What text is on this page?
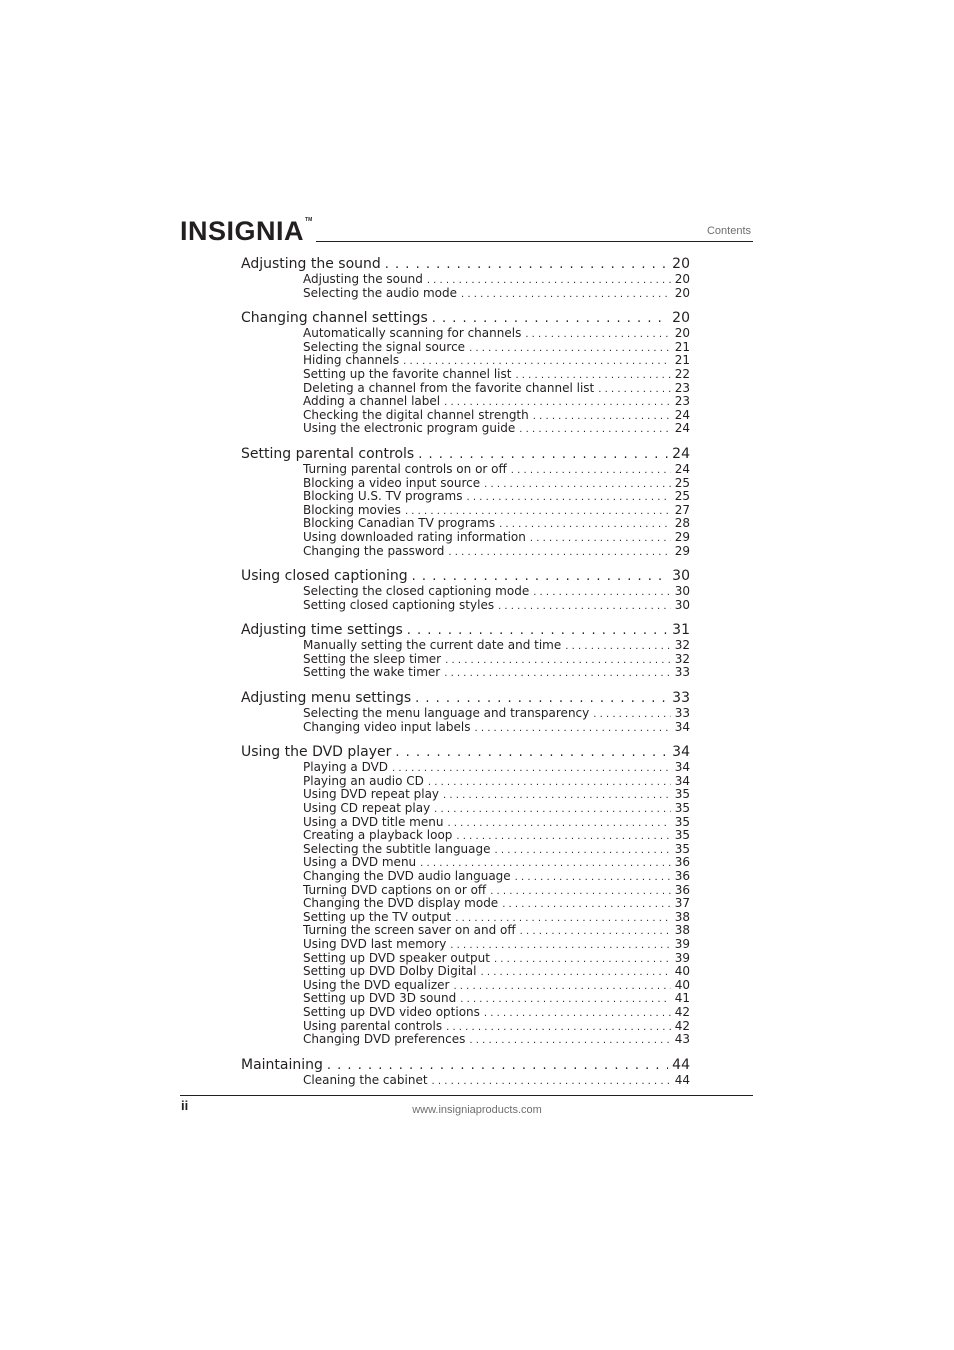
INSIGNIA™
Contents
Adjusting the sound . . .	20
Adjusting the sound . . .	20
Selecting the audio mode . . .	20
Changing channel settings . . .	20
Automatically scanning for channels . . .	20
Selecting the signal source . . .	21
Hiding channels . . .	21
Setting up the favorite channel list . . .	22
Deleting a channel from the favorite channel list . . .	23
Adding a channel label . . .	23
Checking the digital channel strength . . .	24
Using the electronic program guide . . .	24
Setting parental controls . . .	24
Turning parental controls on or off . . .	24
Blocking a video input source . . .	25
Blocking U.S. TV programs . . .	25
Blocking movies . . .	27
Blocking Canadian TV programs . . .	28
Using downloaded rating information . . .	29
Changing the password . . .	29
Using closed captioning . . .	30
Selecting the closed captioning mode . . .	30
Setting closed captioning styles . . .	30
Adjusting time settings . . .	31
Manually setting the current date and time . . .	32
Setting the sleep timer . . .	32
Setting the wake timer . . .	33
Adjusting menu settings . . .	33
Selecting the menu language and transparency . . .	33
Changing video input labels . . .	34
Using the DVD player . . .	34
Playing a DVD . . .	34
Playing an audio CD . . .	34
Using DVD repeat play . . .	35
Using CD repeat play . . .	35
Using a DVD title menu . . .	35
Creating a playback loop . . .	35
Selecting the subtitle language . . .	35
Using a DVD menu . . .	36
Changing the DVD audio language . . .	36
Turning DVD captions on or off . . .	36
Changing the DVD display mode . . .	37
Setting up the TV output . . .	38
Turning the screen saver on and off . . .	38
Using DVD last memory . . .	39
Setting up DVD speaker output . . .	39
Setting up DVD Dolby Digital . . .	40
Using the DVD equalizer . . .	40
Setting up DVD 3D sound . . .	41
Setting up DVD video options . . .	42
Using parental controls . . .	42
Changing DVD preferences . . .	43
Maintaining . . .	44
Cleaning the cabinet . . .	44
ii	www.insigniaproducts.com
